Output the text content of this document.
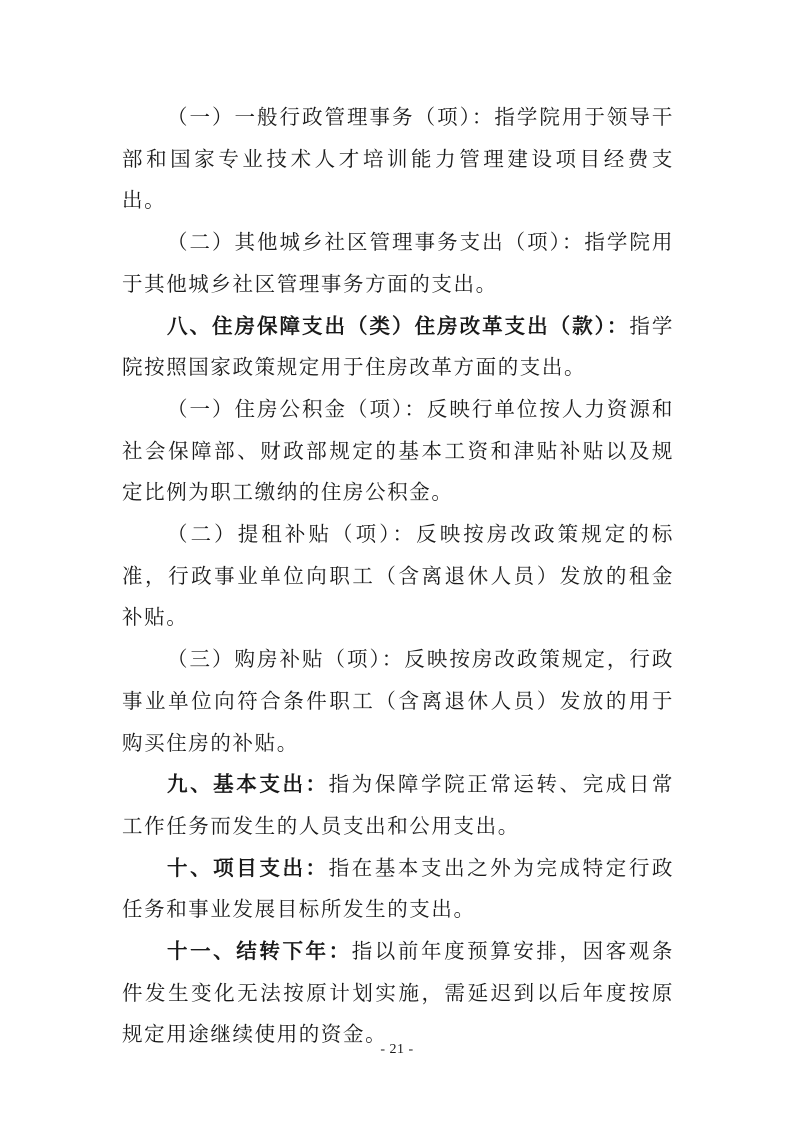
（一）一般行政管理事务（项）：指学院用于领导干部和国家专业技术人才培训能力管理建设项目经费支出。

（二）其他城乡社区管理事务支出（项）：指学院用于其他城乡社区管理事务方面的支出。

八、住房保障支出（类）住房改革支出（款）：指学院按照国家政策规定用于住房改革方面的支出。

（一）住房公积金（项）：反映行单位按人力资源和社会保障部、财政部规定的基本工资和津贴补贴以及规定比例为职工缴纳的住房公积金。

（二）提租补贴（项）：反映按房改政策规定的标准，行政事业单位向职工（含离退休人员）发放的租金补贴。

（三）购房补贴（项）：反映按房改政策规定，行政事业单位向符合条件职工（含离退休人员）发放的用于购买住房的补贴。

九、基本支出：指为保障学院正常运转、完成日常工作任务而发生的人员支出和公用支出。

十、项目支出：指在基本支出之外为完成特定行政任务和事业发展目标所发生的支出。

十一、结转下年：指以前年度预算安排，因客观条件发生变化无法按原计划实施，需延迟到以后年度按原规定用途继续使用的资金。

- 21 -
